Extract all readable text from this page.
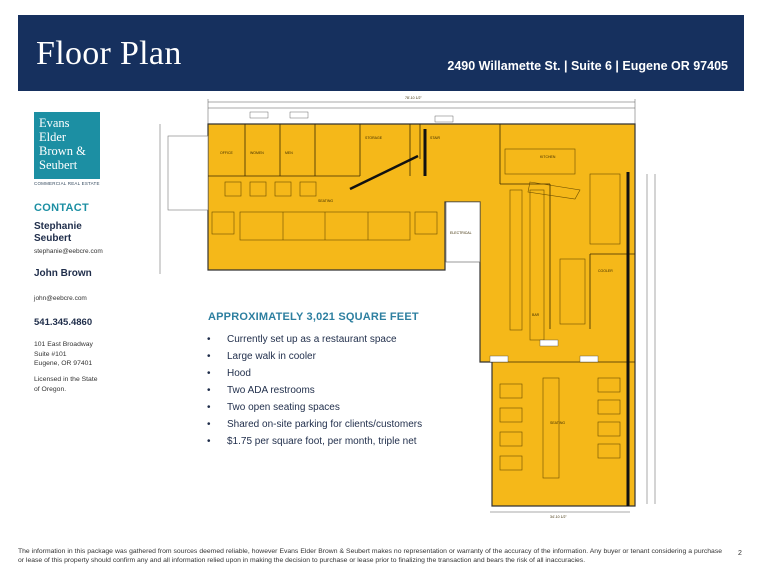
Floor Plan	2490 Willamette St. | Suite 6 | Eugene OR 97405
Evans
Elder
Brown &
Seubert
COMMERCIAL REAL ESTATE
CONTACT
Stephanie Seubert
stephanie@eebcre.com
John Brown
john@eebcre.com
541.345.4860
101 East Broadway
Suite #101
Eugene, OR 97401
Licensed in the State of Oregon.
SEATING
KITCHEN
STORAGE
WOMEN	MEN
OFFICE
COOLER
BAR
SEATING
STAIR
ELECTRICAL
78'-10 1/2"
34'-10 1/2"
APPROXIMATELY 3,021 SQUARE FEET
• Currently set up as a restaurant space
• Large walk in cooler
• Hood
• Two ADA restrooms
• Two open seating spaces
• Shared on-site parking for clients/customers
• $1.75 per square foot, per month, triple net
The information in this package was gathered from sources deemed reliable, however Evans Elder Brown & Seubert makes no representation or warranty of the accuracy of the information. Any buyer or tenant considering a purchase or lease of this property should confirm any and all information relied upon in making the decision to purchase or lease prior to finalizing the transaction and bears the risk of all inaccuracies.
2
